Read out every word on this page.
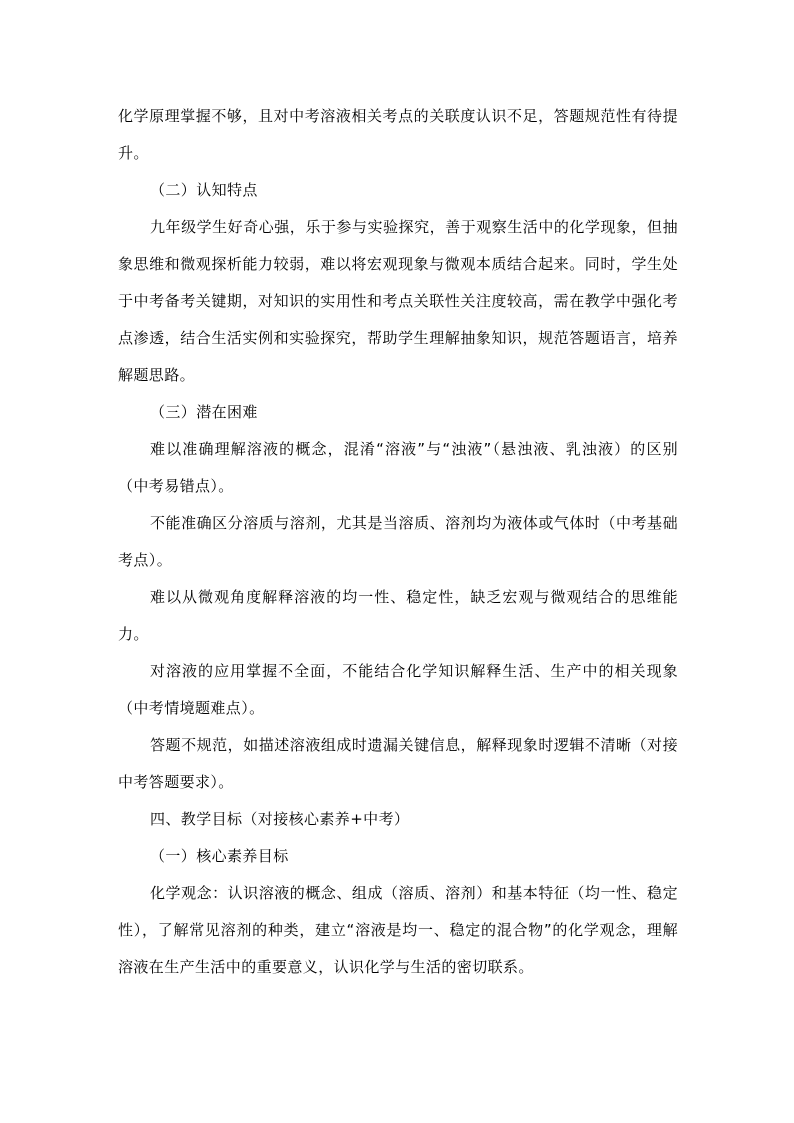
化学原理掌握不够，且对中考溶液相关考点的关联度认识不足，答题规范性有待提升。

（二）认知特点

九年级学生好奇心强，乐于参与实验探究，善于观察生活中的化学现象，但抽象思维和微观探析能力较弱，难以将宏观现象与微观本质结合起来。同时，学生处于中考备考关键期，对知识的实用性和考点关联性关注度较高，需在教学中强化考点渗透，结合生活实例和实验探究，帮助学生理解抽象知识，规范答题语言，培养解题思路。

（三）潜在困难

难以准确理解溶液的概念，混淆“溶液”与“浊液”（悬浊液、乳浊液）的区别（中考易错点）。

不能准确区分溶质与溶剂，尤其是当溶质、溶剂均为液体或气体时（中考基础考点）。

难以从微观角度解释溶液的均一性、稳定性，缺乏宏观与微观结合的思维能力。

对溶液的应用掌握不全面，不能结合化学知识解释生活、生产中的相关现象（中考情境题难点）。

答题不规范，如描述溶液组成时遗漏关键信息，解释现象时逻辑不清晰（对接中考答题要求）。

四、教学目标（对接核心素养+中考）

（一）核心素养目标

化学观念：认识溶液的概念、组成（溶质、溶剂）和基本特征（均一性、稳定性），了解常见溶剂的种类，建立“溶液是均一、稳定的混合物”的化学观念，理解溶液在生产生活中的重要意义，认识化学与生活的密切联系。
